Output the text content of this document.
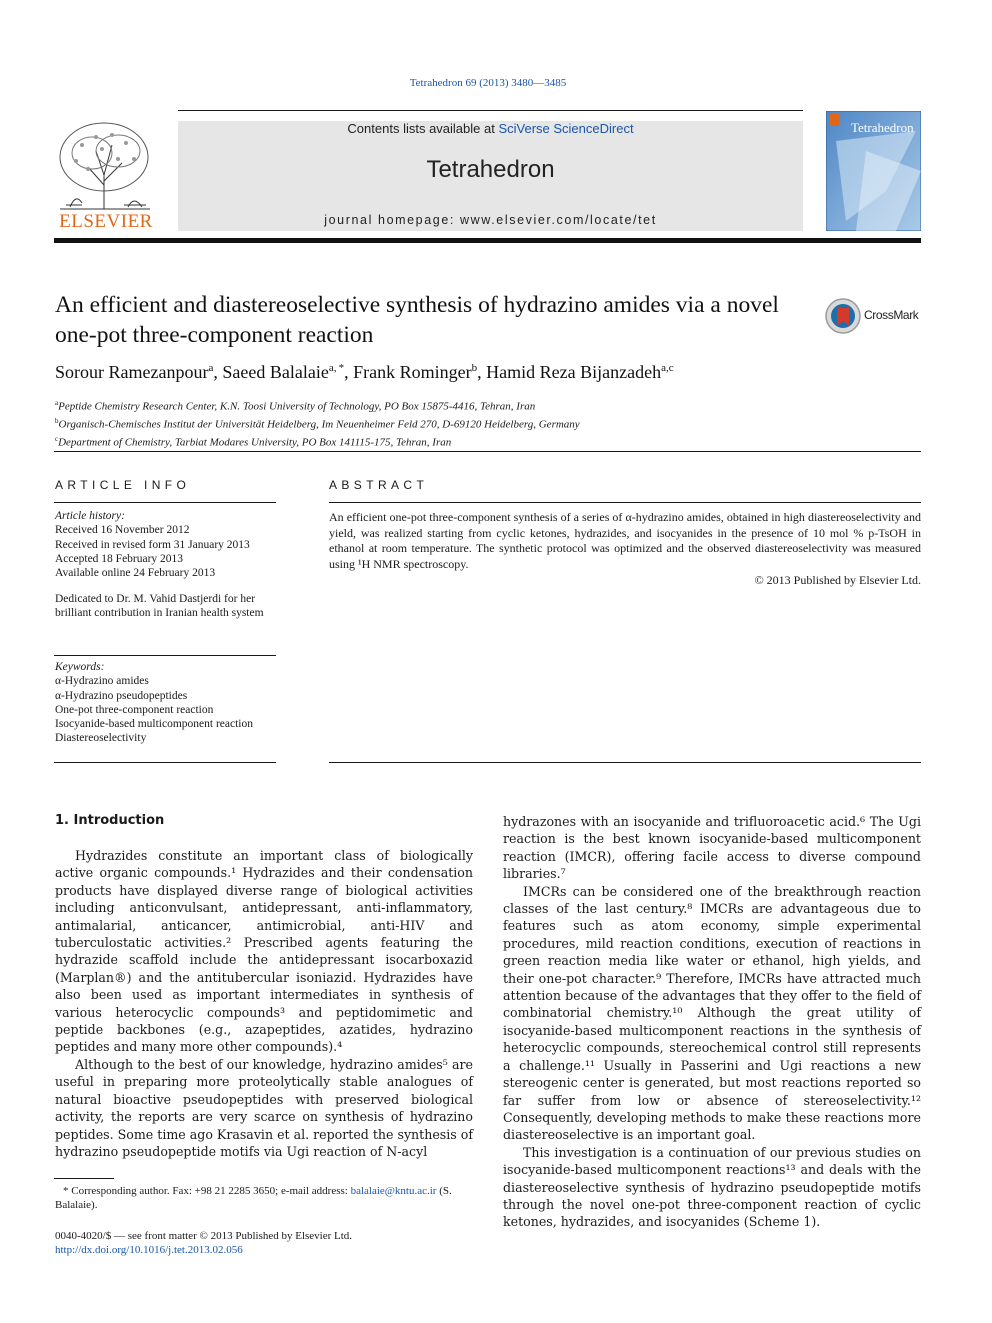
Tetrahedron 69 (2013) 3480—3485
ELSEVIER
Contents lists available at SciVerse ScienceDirect
Tetrahedron
journal homepage: www.elsevier.com/locate/tet
Tetrahedron
An efficient and diastereoselective synthesis of hydrazino amides via a novel one-pot three-component reaction
CrossMark
Sorour Ramezanpour$^a$, Saeed Balalaie$^{a, *}$, Frank Rominger$^b$, Hamid Reza Bijanzadeh$^{a,c}$
$^a$Peptide Chemistry Research Center, K.N. Toosi University of Technology, PO Box 15875-4416, Tehran, Iran
$^b$Organisch-Chemisches Institut der Universität Heidelberg, Im Neuenheimer Feld 270, D-69120 Heidelberg, Germany
$^c$Department of Chemistry, Tarbiat Modares University, PO Box 141115-175, Tehran, Iran
ARTICLE INFO
Article history:
Received 16 November 2012
Received in revised form 31 January 2013
Accepted 18 February 2013
Available online 24 February 2013
Dedicated to Dr. M. Vahid Dastjerdi for her brilliant contribution in Iranian health system
Keywords:
α-Hydrazino amides
α-Hydrazino pseudopeptides
One-pot three-component reaction
Isocyanide-based multicomponent reaction
Diastereoselectivity
ABSTRACT
An efficient one-pot three-component synthesis of a series of α-hydrazino amides, obtained in high diastereoselectivity and yield, was realized starting from cyclic ketones, hydrazides, and isocyanides in the presence of 10 mol % p-TsOH in ethanol at room temperature. The synthetic protocol was optimized and the observed diastereoselectivity was measured using ¹H NMR spectroscopy.
© 2013 Published by Elsevier Ltd.
1. Introduction

Hydrazides constitute an important class of biologically active organic compounds.¹ Hydrazides and their condensation products have displayed diverse range of biological activities including anticonvulsant, antidepressant, anti-inflammatory, antimalarial, anticancer, antimicrobial, anti-HIV and tuberculostatic activities.² Prescribed agents featuring the hydrazide scaffold include the antidepressant isocarboxazid (Marplan®) and the antitubercular isoniazid. Hydrazides have also been used as important intermediates in synthesis of various heterocyclic compounds³ and peptidomimetic and peptide backbones (e.g., azapeptides, azatides, hydrazino peptides and many more other compounds).⁴

Although to the best of our knowledge, hydrazino amides⁵ are useful in preparing more proteolytically stable analogues of natural bioactive pseudopeptides with preserved biological activity, the reports are very scarce on synthesis of hydrazino peptides. Some time ago Krasavin et al. reported the synthesis of hydrazino pseudopeptide motifs via Ugi reaction of N-acyl

hydrazones with an isocyanide and trifluoroacetic acid.⁶ The Ugi reaction is the best known isocyanide-based multicomponent reaction (IMCR), offering facile access to diverse compound libraries.⁷

IMCRs can be considered one of the breakthrough reaction classes of the last century.⁸ IMCRs are advantageous due to features such as atom economy, simple experimental procedures, mild reaction conditions, execution of reactions in green reaction media like water or ethanol, high yields, and their one-pot character.⁹ Therefore, IMCRs have attracted much attention because of the advantages that they offer to the field of combinatorial chemistry.¹⁰ Although the great utility of isocyanide-based multicomponent reactions in the synthesis of heterocyclic compounds, stereochemical control still represents a challenge.¹¹ Usually in Passerini and Ugi reactions a new stereogenic center is generated, but most reactions reported so far suffer from low or absence of stereoselectivity.¹² Consequently, developing methods to make these reactions more diastereoselective is an important goal.

This investigation is a continuation of our previous studies on isocyanide-based multicomponent reactions¹³ and deals with the diastereoselective synthesis of hydrazino pseudopeptide motifs through the novel one-pot three-component reaction of cyclic ketones, hydrazides, and isocyanides (Scheme 1).

* Corresponding author. Fax: +98 21 2285 3650; e-mail address: balalaie@kntu.ac.ir (S. Balalaie).
0040-4020/$ — see front matter © 2013 Published by Elsevier Ltd.
http://dx.doi.org/10.1016/j.tet.2013.02.056
